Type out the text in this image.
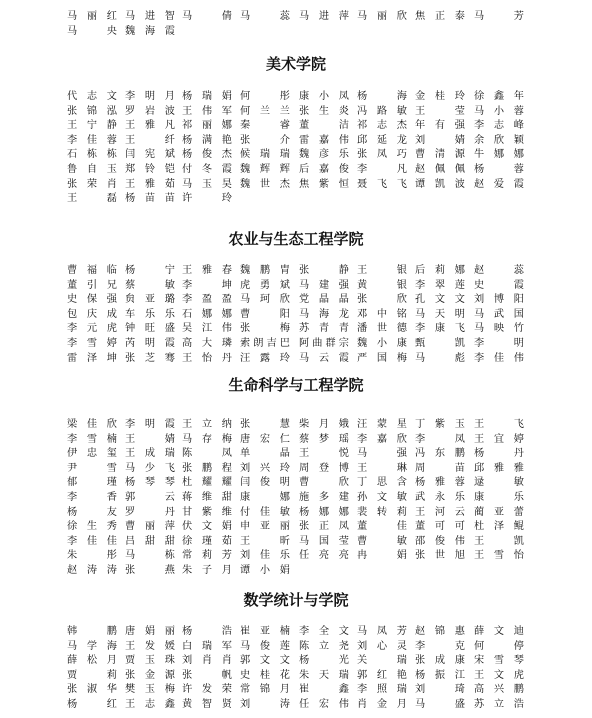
马丽红 马进智 马　倩 马　蕊 马进萍 马丽欣 焦正泰 马　芳
马　央 魏海霞
美术学院
代志文 李明月 杨瑞娟 何　彤 康小凤 杨　海 金桂玲 徐鑫年
张锦泓 罗岩波 王伟军 何兰兰 张生炎 冯路敏 王　莹 马小蓉
王宁静 王雅凡 祁丽娜 秦　睿 董　洁 祁志杰 年有强 李志峰
李佳蓉 王　纤 杨满艳 张　介 雷嘉伟 邱延龙 刘　婧 余欣颖
石栋栋 闫宪斌 杨俊杰 候瑞瑞 魏彦乐 张凤巧 曹清源 牛娜娜
鲁自玉 郑铃铠 付冬霞 魏辉辉 后嘉俊 李　凡 赵佩佩 杨　蓉
张荣肖 王雅茹 马玉昊 魏世杰 焦紫恒 聂飞飞 谭凯波 赵爱霞
王　磊 杨苗苗 许　玲
农业与生态工程学院
曹福临 杨　宁 王雅春 魏鹏胄 张　静 王　银 后莉娜 赵　蕊
董引兄 蔡　敏 李　坤 虎勇斌 马建强 黄　银 李翠莲 史　霞
史保强 贠亚璐 李盈盈 马珂欣 党晶晶 张　欣 孔文文 刘博阳
包庆成 车乐乐 石娜娜 曹　阳 马海龙 邓中铭 马天明 马武国
李元虎 钟旺盛 吴江伟 张　梅 苏青青 潘世德 李康飞 马映竹
李雪婷 芮明霞 高大璘 索朗吉巴 阿曲群宗 魏小康 甄　凯 李　明
雷泽坤 张芝骞 王怡丹 汪露玲 马云霞 严国梅 马　彪 李佳伟
生命科学与工程学院
梁佳欣 李明霞 王立纳 张　慧 柴月娥 汪蒙星 丁紫玉 王　飞
李雪楠 王　婧 马存梅 唐宏仁 蔡梦瑶 李嘉欣 李　凤 王宜婷
伊忠玺 王成瑞 陈　凤 单　晶 王　悦 马　强 冯东鹏 杨　丹
尹　雪 马少飞 张鹏程 刘兴玲 周登博 王　琳 周　苗 邱雅雅
郁　瑾 杨琴琴 杜耀耀 闫俊明 曹　欣 丁思含 杨雅蓉 逯　敏
李　香 郭　云 蒋维甜 康　娜 施多建 孙文敏 武永乐 康　乐
杨　友 罗　丹 甘紫维 付佳敏 杨娜娜 裴转莉 王河云 蔺亚蕾
徐生秀 曹丽萍 伏文娟 申亚丽 张正凤 董　佳 董可可 杜泽鲲
李佳佳 吕甜甜 徐瑾茹 王　昕 马国莹 曹　敏 邵俊伟 王　凯
朱　彤 马　栋 常莉芳 刘佳乐 任亮亮 冉　娟 张世旭 王雪怡
赵涛涛 张　燕 朱子月 谭小娟
数学统计与学院
韩　鹏 唐娟丽 杨　浩 崔亚楠 李全文 马凤芳 赵锦惠 薛文迪
马学海 王发媛 白瑞军 马俊莲 陈立尧 刘心灵 李　克 何　停
薛松月 贾玉珠 刘肖肖 郭文文 杨　光 关　瑞 张成康 宋雪琴
贾　莉 张金源 张　帆 史桂花 朱天瑞 郭红艳 杨振江 王文虎
张淑华 樊玉梅 许发荣 常锦月 崔　鑫 李照瑞 刘　琦 高兴鹏
杨　红 王志鑫 黄智贤 刘　涛 任宏伟 肖金月 马　盛 苏立浩
